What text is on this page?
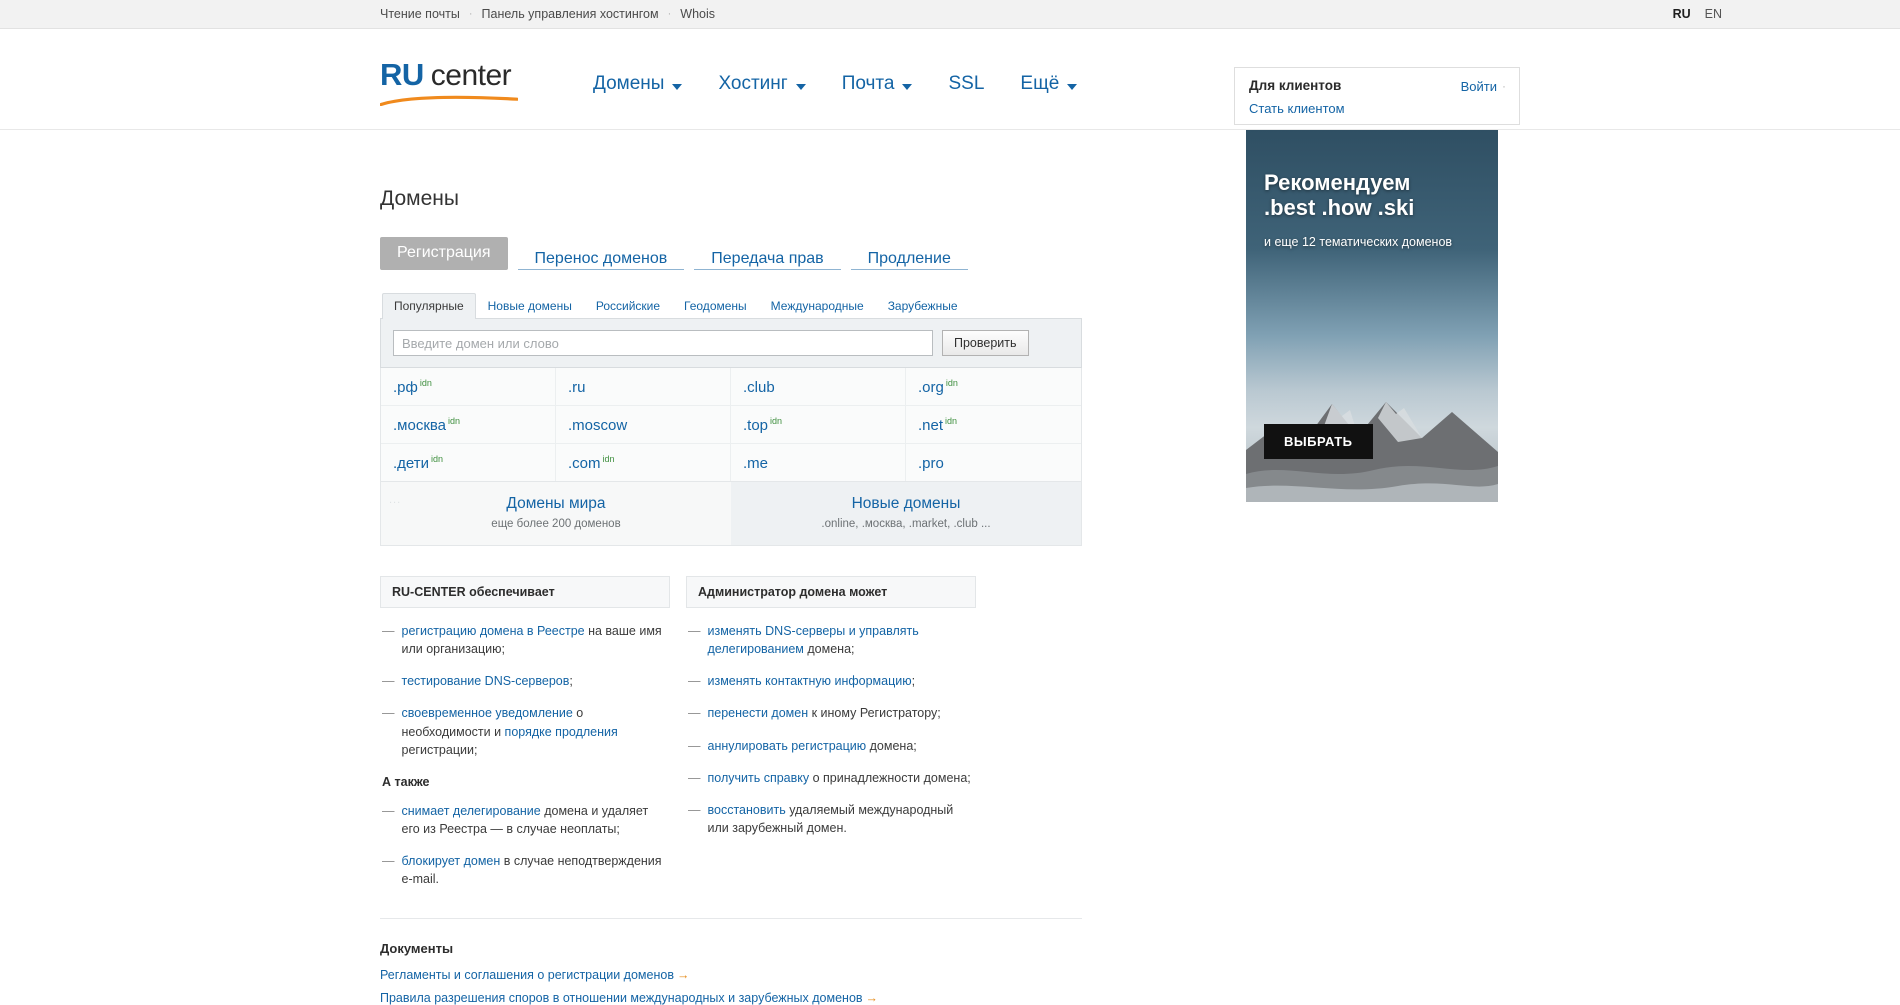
Чтение почты · Панель управления хостингом · Whois	RU EN
RU center	Домены	Хостинг	Почта	SSL Ещё	Для клиентов
Стать клиентом
Войти ·
Домены
Регистрация	Перенос доменов	Передача прав	Продление
Популярные	Новые домены	Российские	Геодомены	Международные	Зарубежные
Введите домен или слово
Проверить
.рф $^{idn}$	.ru	.club	.org $^{idn}$
.москва $^{idn}$	.moscow	.top $^{idn}$	.net $^{idn}$
.дети $^{idn}$	.com $^{idn}$	.me	.pro
...	Домены мира
еще более 200 доменов
Новые домены
.online, .москва, .market, .club ...
RU-CENTER обеспечивает
— регистрацию домена в Реестре на ваше имя или организацию;
— тестирование DNS-серверов;
— своевременное уведомление о необходимости и порядке продления регистрации;
А также
— снимает делегирование домена и удаляет его из Реестра — в случае неоплаты;
— блокирует домен в случае неподтверждения e-mail.
Администратор домена может
— изменять DNS-серверы и управлять делегированием домена;
— изменять контактную информацию;
— перенести домен к иному Регистратору;
— аннулировать регистрацию домена;
— получить справку о принадлежности домена;
— восстановить удаляемый международный или зарубежный домен.
Документы
Регламенты и соглашения о регистрации доменов →
Правила разрешения споров в отношении международных и зарубежных доменов →
Рекомендуем
.best .how .ski
и еще 12 тематических доменов
ВЫБРАТЬ
